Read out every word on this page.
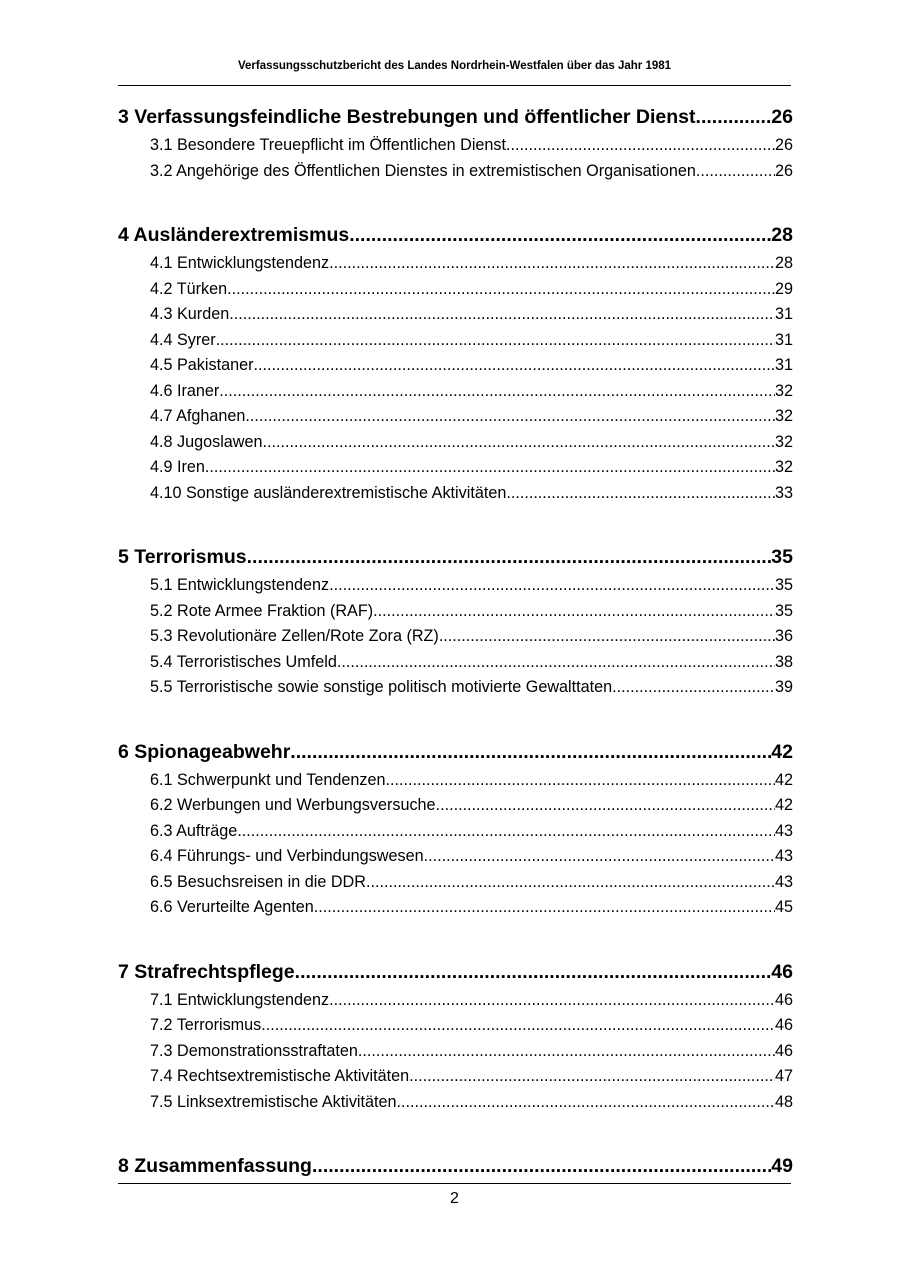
Verfassungsschutzbericht des Landes Nordrhein-Westfalen über das Jahr 1981
3 Verfassungsfeindliche Bestrebungen und öffentlicher Dienst .....	26
3.1 Besondere Treuepflicht im Öffentlichen Dienst .....	26
3.2 Angehörige des Öffentlichen Dienstes in extremistischen Organisationen .....	26
4 Ausländerextremismus .....	28
4.1 Entwicklungstendenz .....	28
4.2 Türken .....	29
4.3 Kurden .....	31
4.4 Syrer .....	31
4.5 Pakistaner .....	31
4.6 Iraner .....	32
4.7 Afghanen .....	32
4.8 Jugoslawen .....	32
4.9 Iren .....	32
4.10 Sonstige ausländerextremistische Aktivitäten .....	33
5 Terrorismus .....	35
5.1 Entwicklungstendenz .....	35
5.2 Rote Armee Fraktion (RAF) .....	35
5.3 Revolutionäre Zellen/Rote Zora (RZ) .....	36
5.4 Terroristisches Umfeld .....	38
5.5 Terroristische sowie sonstige politisch motivierte Gewalttaten .....	39
6 Spionageabwehr .....	42
6.1 Schwerpunkt und Tendenzen .....	42
6.2 Werbungen und Werbungsversuche .....	42
6.3 Aufträge .....	43
6.4 Führungs- und Verbindungswesen .....	43
6.5 Besuchsreisen in die DDR .....	43
6.6 Verurteilte Agenten .....	45
7 Strafrechtspflege .....	46
7.1 Entwicklungstendenz .....	46
7.2 Terrorismus .....	46
7.3 Demonstrationsstraftaten .....	46
7.4 Rechtsextremistische Aktivitäten .....	47
7.5 Linksextremistische Aktivitäten .....	48
8 Zusammenfassung .....	49
2
